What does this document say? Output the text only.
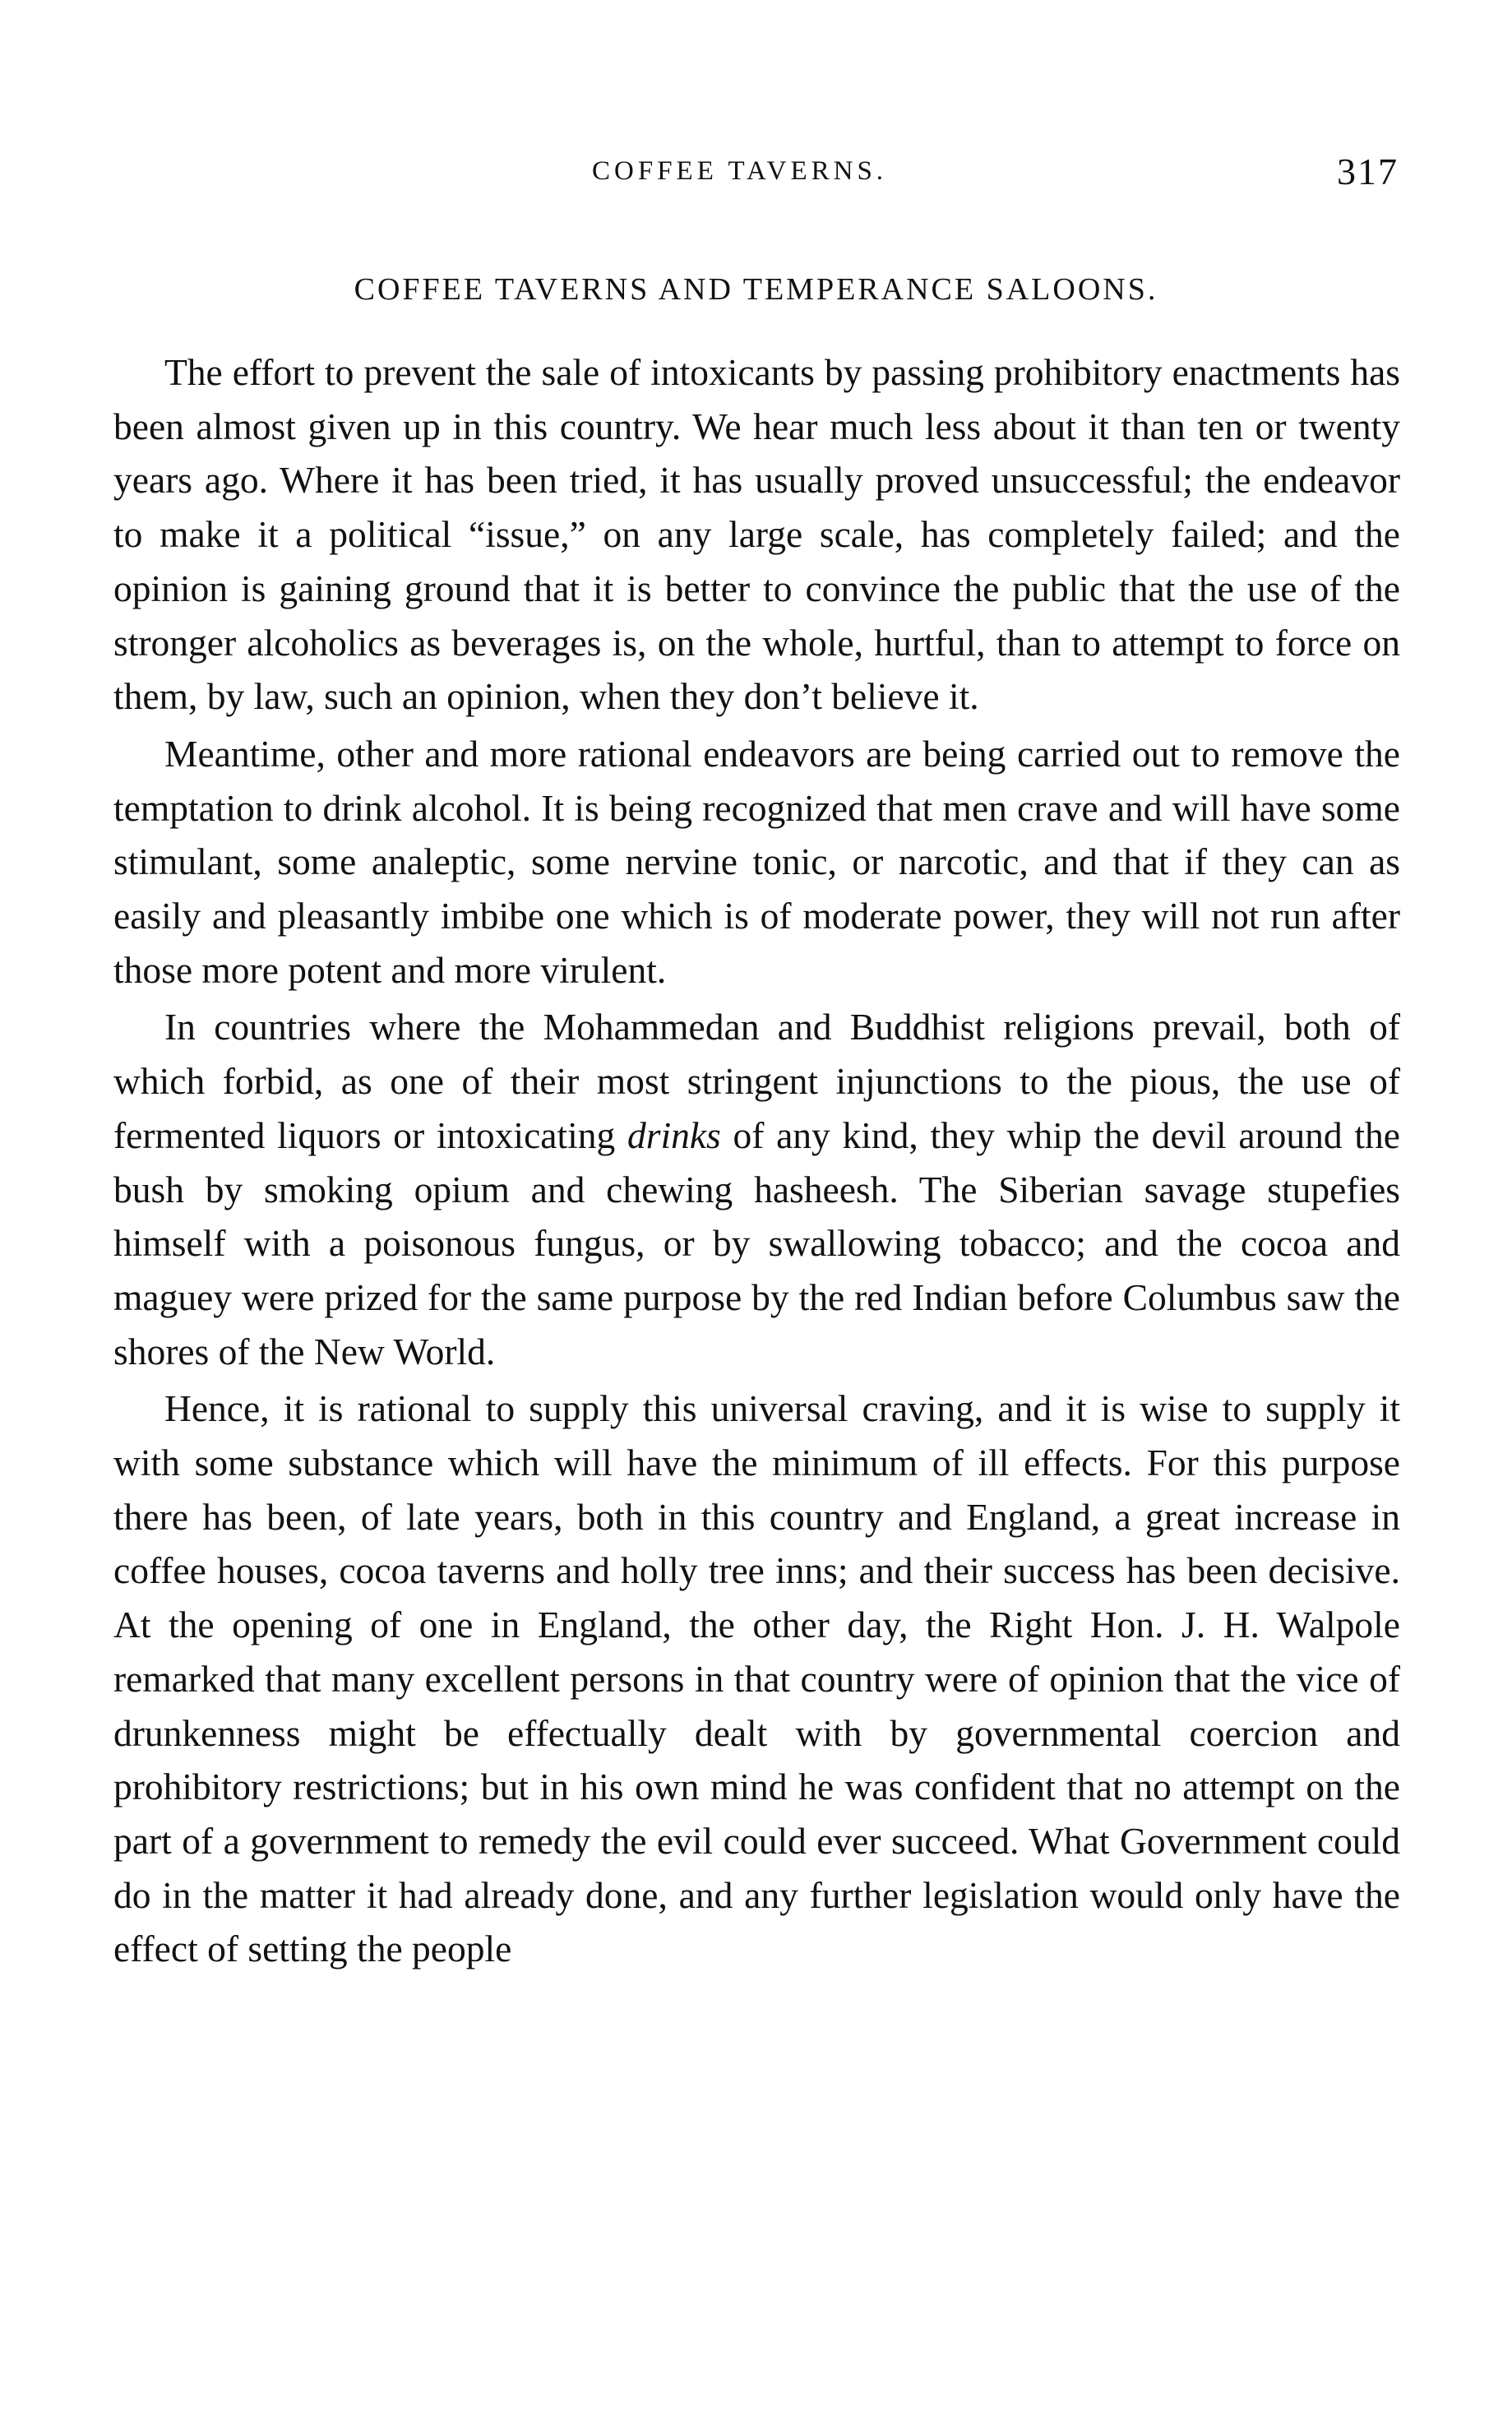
COFFEE TAVERNS.	317
COFFEE TAVERNS AND TEMPERANCE SALOONS.

The effort to prevent the sale of intoxicants by passing prohibitory enactments has been almost given up in this country. We hear much less about it than ten or twenty years ago. Where it has been tried, it has usually proved unsuccessful; the endeavor to make it a political “issue,” on any large scale, has completely failed; and the opinion is gaining ground that it is better to convince the public that the use of the stronger alcoholics as beverages is, on the whole, hurtful, than to attempt to force on them, by law, such an opinion, when they don’t believe it.

Meantime, other and more rational endeavors are being carried out to remove the temptation to drink alcohol. It is being recognized that men crave and will have some stimulant, some analeptic, some nervine tonic, or narcotic, and that if they can as easily and pleasantly imbibe one which is of moderate power, they will not run after those more potent and more virulent.

In countries where the Mohammedan and Buddhist religions prevail, both of which forbid, as one of their most stringent injunctions to the pious, the use of fermented liquors or intoxicating drinks of any kind, they whip the devil around the bush by smoking opium and chewing hasheesh. The Siberian savage stupefies himself with a poisonous fungus, or by swallowing tobacco; and the cocoa and maguey were prized for the same purpose by the red Indian before Columbus saw the shores of the New World.

Hence, it is rational to supply this universal craving, and it is wise to supply it with some substance which will have the minimum of ill effects. For this purpose there has been, of late years, both in this country and England, a great increase in coffee houses, cocoa taverns and holly tree inns; and their success has been decisive. At the opening of one in England, the other day, the Right Hon. J. H. Walpole remarked that many excellent persons in that country were of opinion that the vice of drunkenness might be effectually dealt with by governmental coercion and prohibitory restrictions; but in his own mind he was confident that no attempt on the part of a government to remedy the evil could ever succeed. What Government could do in the matter it had already done, and any further legislation would only have the effect of setting the people
